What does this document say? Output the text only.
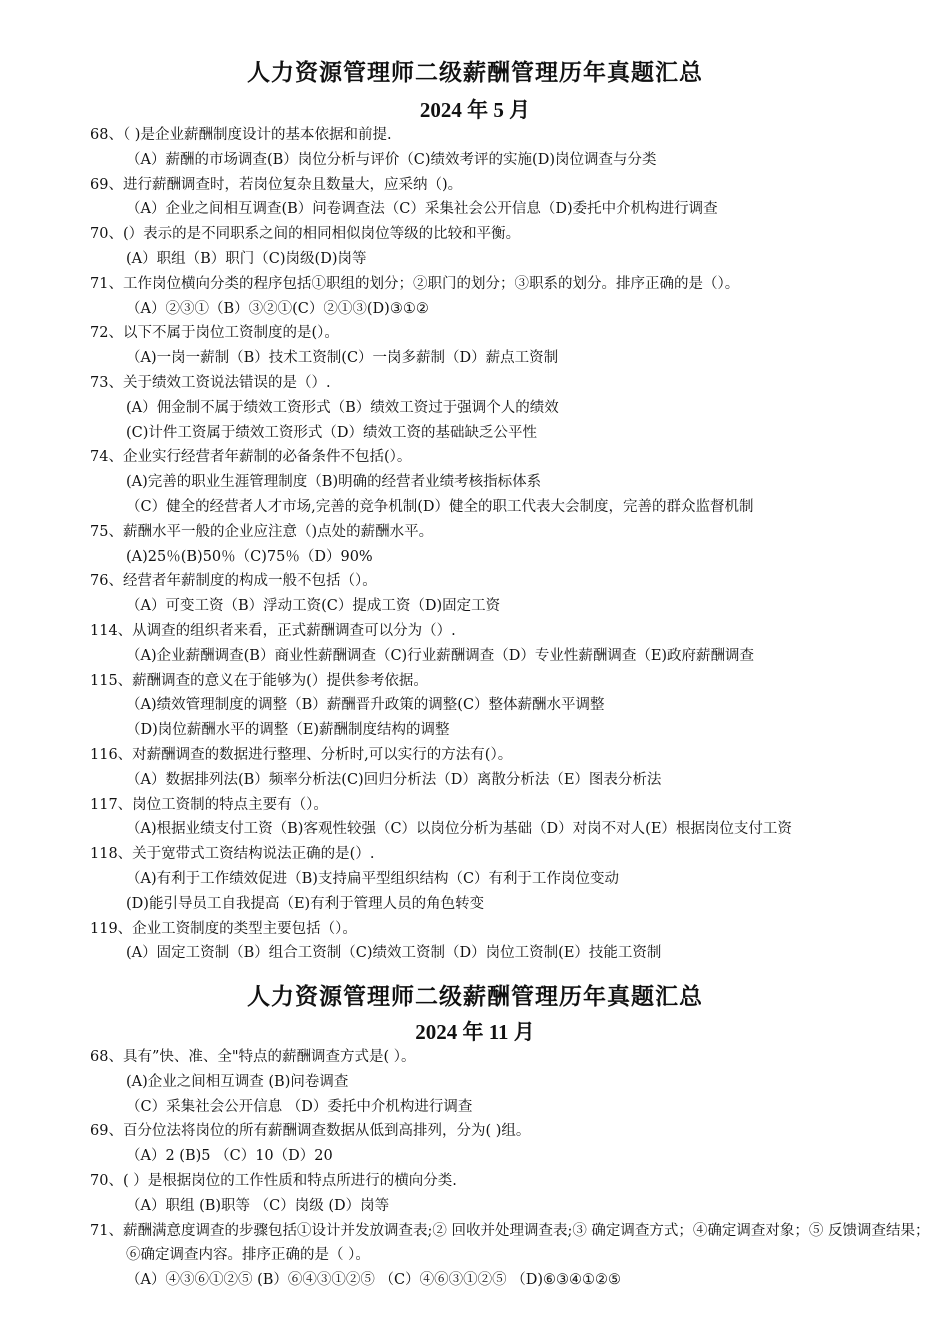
人力资源管理师二级薪酬管理历年真题汇总
2024 年 5 月
68、（ )是企业薪酬制度设计的基本依据和前提.
（A）薪酬的市场调查(B）岗位分析与评价（C)绩效考评的实施(D)岗位调查与分类
69、进行薪酬调查时，若岗位复杂且数量大，应采纳（)。
（A）企业之间相互调查(B）问卷调查法（C）采集社会公开信息（D)委托中介机构进行调查
70、(）表示的是不同职系之间的相同相似岗位等级的比较和平衡。
(A）职组（B）职门（C)岗级(D)岗等
71、工作岗位横向分类的程序包括①职组的划分；②职门的划分；③职系的划分。排序正确的是（）。
（A）②③①（B）③②①(C）②①③(D)③①②
72、以下不属于岗位工资制度的是(）。
（A)一岗一薪制（B）技术工资制(C）一岗多薪制（D）薪点工资制
73、关于绩效工资说法错误的是（）.
(A）佣金制不属于绩效工资形式（B）绩效工资过于强调个人的绩效
(C)计件工资属于绩效工资形式（D）绩效工资的基础缺乏公平性
74、企业实行经营者年薪制的必备条件不包括(）。
(A)完善的职业生涯管理制度（B)明确的经营者业绩考核指标体系
（C）健全的经营者人才市场,完善的竞争机制(D）健全的职工代表大会制度，完善的群众监督机制
75、薪酬水平一般的企业应注意（)点处的薪酬水平。
(A)25％(B)50％（C)75％（D）90%
76、经营者年薪制度的构成一般不包括（）。
（A）可变工资（B）浮动工资(C）提成工资（D)固定工资
114、从调查的组织者来看，正式薪酬调查可以分为（）.
（A)企业薪酬调查(B）商业性薪酬调查（C)行业薪酬调查（D）专业性薪酬调查（E)政府薪酬调查
115、薪酬调查的意义在于能够为(）提供参考依据。
（A)绩效管理制度的调整（B）薪酬晋升政策的调整(C）整体薪酬水平调整
（D)岗位薪酬水平的调整（E)薪酬制度结构的调整
116、对薪酬调查的数据进行整理、分析时,可以实行的方法有(）。
（A）数据排列法(B）频率分析法(C)回归分析法（D）离散分析法（E）图表分析法
117、岗位工资制的特点主要有（）。
（A)根据业绩支付工资（B)客观性较强（C）以岗位分析为基础（D）对岗不对人(E）根据岗位支付工资
118、关于宽带式工资结构说法正确的是(）.
（A)有利于工作绩效促进（B)支持扁平型组织结构（C）有利于工作岗位变动
(D)能引导员工自我提高（E)有利于管理人员的角色转变
119、企业工资制度的类型主要包括（）。
(A）固定工资制（B）组合工资制（C)绩效工资制（D）岗位工资制(E）技能工资制
人力资源管理师二级薪酬管理历年真题汇总
2024 年 11 月
68、具有”快、准、全"特点的薪酬调查方式是( ）。
(A)企业之间相互调查 (B)问卷调查
（C）采集社会公开信息 （D）委托中介机构进行调查
69、百分位法将岗位的所有薪酬调查数据从低到高排列，分为( )组。
（A）2 (B)5 （C）10（D）20
70、( ）是根据岗位的工作性质和特点所进行的横向分类.
（A）职组 (B)职等 （C）岗级 (D）岗等
71、薪酬满意度调查的步骤包括①设计并发放调查表;② 回收并处理调查表;③ 确定调查方式；④确定调查对象；⑤ 反馈调查结果；⑥确定调查内容。排序正确的是（ ）。
（A）④③⑥①②⑤ (B）⑥④③①②⑤ （C）④⑥③①②⑤ （D)⑥③④①②⑤
